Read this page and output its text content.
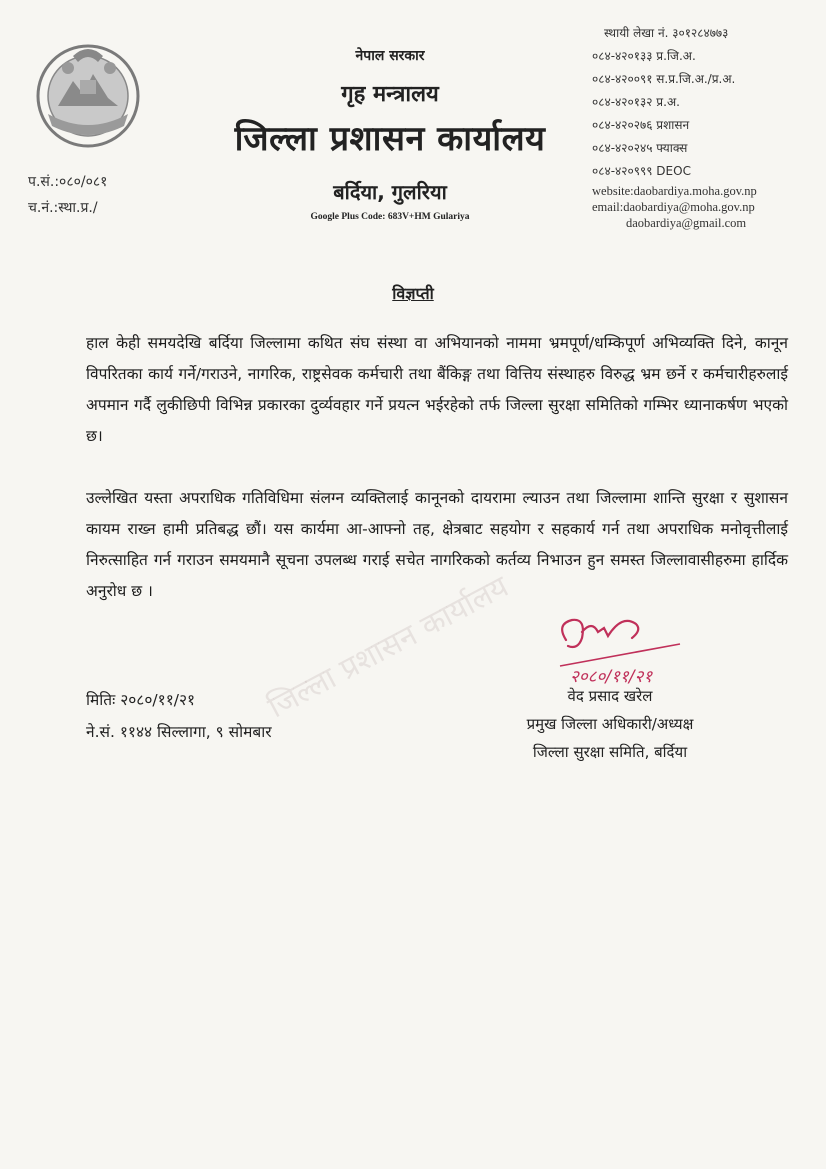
प.सं.:०८०/०८१
च.नं.:स्था.प्र./
नेपाल सरकार
गृह मन्त्रालय
जिल्ला प्रशासन कार्यालय
बर्दिया, गुलरिया
Google Plus Code: 683V+HM Gulariya
स्थायी लेखा नं. ३०१२८४७७३
०८४-४२०१३३ प्र.जि.अ.
०८४-४२००९१ स.प्र.जि.अ./प्र.अ.
०८४-४२०१३२ प्र.अ.
०८४-४२०२७६ प्रशासन
०८४-४२०२४५ फ्याक्स
०८४-४२०९९९ DEOC
website:daobardiya.moha.gov.np
email:daobardiya@moha.gov.np
daobardiya@gmail.com
विज्ञप्ती
हाल केही समयदेखि बर्दिया जिल्लामा कथित संघ संस्था वा अभियानको नाममा भ्रमपूर्ण/धम्किपूर्ण अभिव्यक्ति दिने, कानून विपरितका कार्य गर्ने/गराउने, नागरिक, राष्ट्रसेवक कर्मचारी तथा बैंकिङ्ग तथा वित्तिय संस्थाहरु विरुद्ध भ्रम छर्ने र कर्मचारीहरुलाई अपमान गर्दै लुकीछिपी विभिन्न प्रकारका दुर्व्यवहार गर्ने प्रयत्न भईरहेको तर्फ जिल्ला सुरक्षा समितिको गम्भिर ध्यानाकर्षण भएको छ।
उल्लेखित यस्ता अपराधिक गतिविधिमा संलग्न व्यक्तिलाई कानूनको दायरामा ल्याउन तथा जिल्लामा शान्ति सुरक्षा र सुशासन कायम राख्न हामी प्रतिबद्ध छौं। यस कार्यमा आ-आफ्नो तह, क्षेत्रबाट सहयोग र सहकार्य गर्न तथा अपराधिक मनोवृत्तीलाई निरुत्साहित गर्न गराउन समयमानै सूचना उपलब्ध गराई सचेत नागरिकको कर्तव्य निभाउन हुन समस्त जिल्लावासीहरुमा हार्दिक अनुरोध छ ।	जिल्ला प्रशासन कार्यालय	२०८०/११/२१
मितिः २०८०/११/२१
ने.सं. ११४४ सिल्लागा, ९ सोमबार
वेद प्रसाद खरेल
प्रमुख जिल्ला अधिकारी/अध्यक्ष
जिल्ला सुरक्षा समिति, बर्दिया
